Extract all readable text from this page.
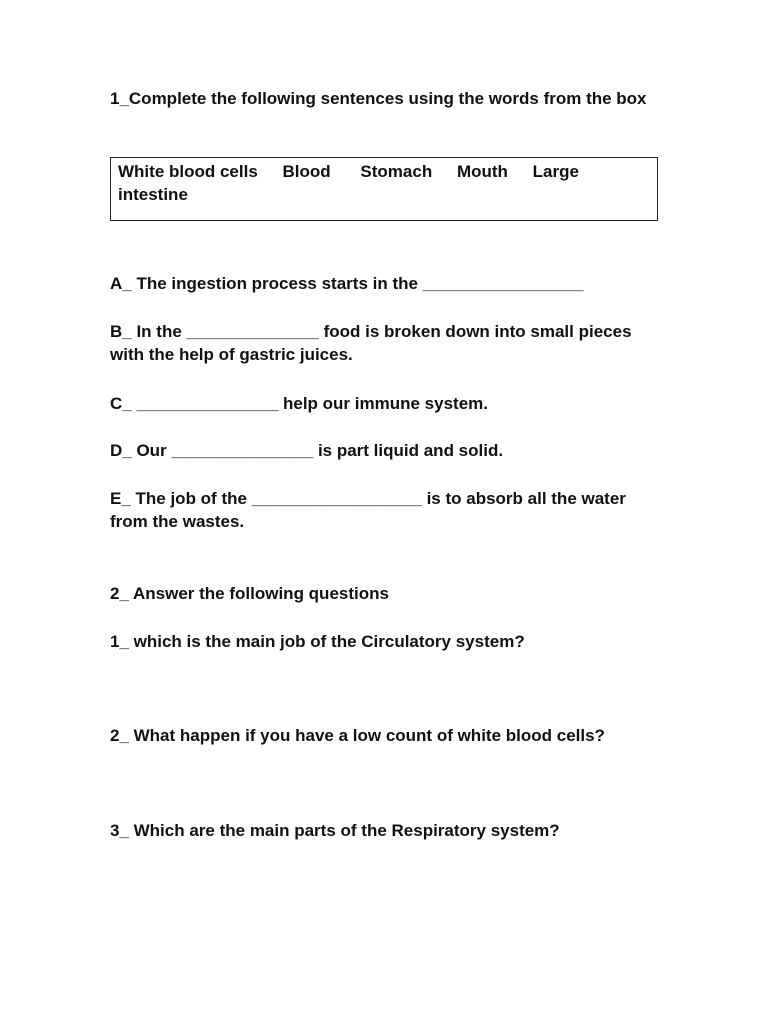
1_Complete the following sentences using the words from the box

White blood cells Blood Stomach Mouth Large intestine

A_ The ingestion process starts in the _________________

B_ In the ______________ food is broken down into small pieces with the help of gastric juices.

C_ _______________ help our immune system.

D_ Our _______________ is part liquid and solid.

E_ The job of the __________________ is to absorb all the water from the wastes.

2_ Answer the following questions

1_ which is the main job of the Circulatory system?

2_ What happen if you have a low count of white blood cells?

3_ Which are the main parts of the Respiratory system?
